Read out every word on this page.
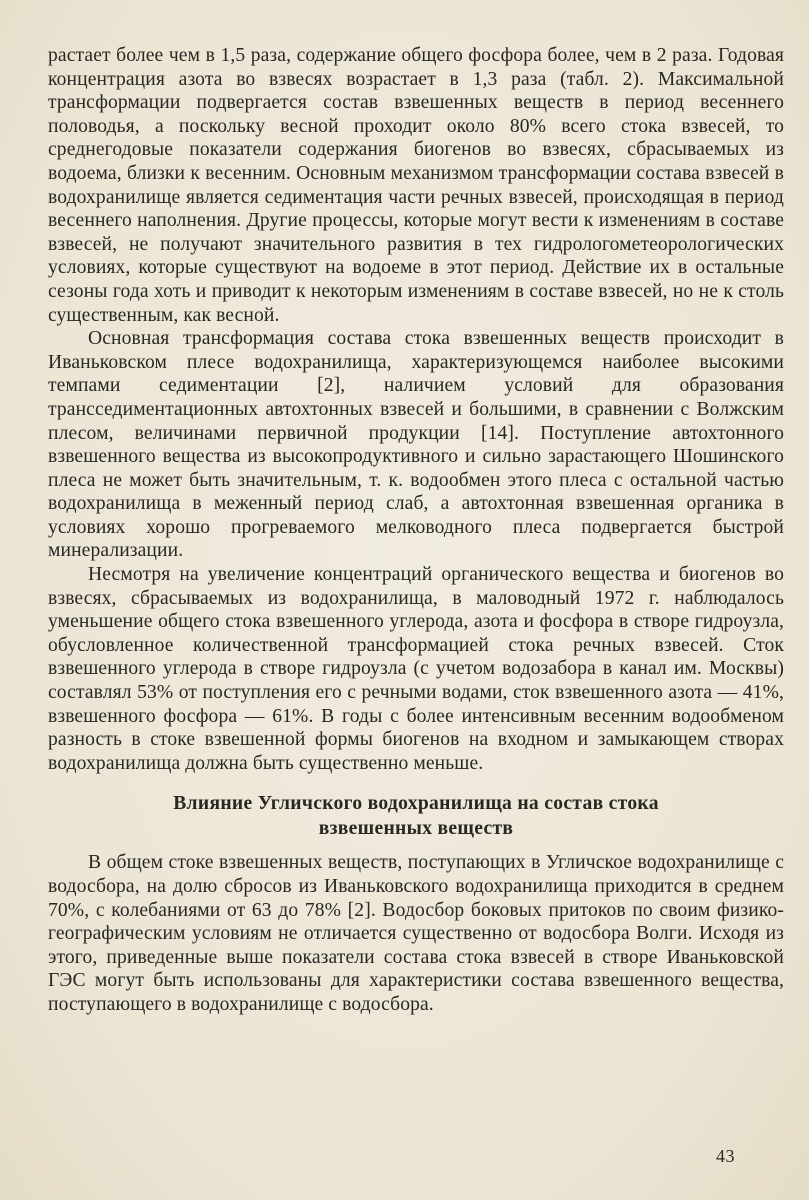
растает более чем в 1,5 раза, содержание общего фосфора более, чем в 2 раза. Годовая концентрация азота во взвесях возрастает в 1,3 раза (табл. 2). Максимальной трансформации подвергается состав взвешенных веществ в период весеннего половодья, а поскольку весной проходит около 80% всего стока взвесей, то среднегодовые показатели содержания биогенов во взвесях, сбрасываемых из водоема, близки к весенним. Основным механизмом трансформации состава взвесей в водохранилище является седиментация части речных взвесей, происходящая в период весеннего наполнения. Другие процессы, которые могут вести к изменениям в составе взвесей, не получают значительного развития в тех гидрологометеорологических условиях, которые существуют на водоеме в этот период. Действие их в остальные сезоны года хоть и приводит к некоторым изменениям в составе взвесей, но не к столь существенным, как весной.

Основная трансформация состава стока взвешенных веществ происходит в Иваньковском плесе водохранилища, характеризующемся наиболее высокими темпами седиментации [2], наличием условий для образования трансседиментационных автохтонных взвесей и большими, в сравнении с Волжским плесом, величинами первичной продукции [14]. Поступление автохтонного взвешенного вещества из высокопродуктивного и сильно зарастающего Шошинского плеса не может быть значительным, т. к. водообмен этого плеса с остальной частью водохранилища в меженный период слаб, а автохтонная взвешенная органика в условиях хорошо прогреваемого мелководного плеса подвергается быстрой минерализации.

Несмотря на увеличение концентраций органического вещества и биогенов во взвесях, сбрасываемых из водохранилища, в маловодный 1972 г. наблюдалось уменьшение общего стока взвешенного углерода, азота и фосфора в створе гидроузла, обусловленное количественной трансформацией стока речных взвесей. Сток взвешенного углерода в створе гидроузла (с учетом водозабора в канал им. Москвы) составлял 53% от поступления его с речными водами, сток взвешенного азота — 41%, взвешенного фосфора — 61%. В годы с более интенсивным весенним водообменом разность в стоке взвешенной формы биогенов на входном и замыкающем створах водохранилища должна быть существенно меньше.

Влияние Угличского водохранилища на состав стока
взвешенных веществ

В общем стоке взвешенных веществ, поступающих в Угличское водохранилище с водосбора, на долю сбросов из Иваньковского водохранилища приходится в среднем 70%, с колебаниями от 63 до 78% [2]. Водосбор боковых притоков по своим физико-географическим условиям не отличается существенно от водосбора Волги. Исходя из этого, приведенные выше показатели состава стока взвесей в створе Иваньковской ГЭС могут быть использованы для характеристики состава взвешенного вещества, поступающего в водохранилище с водосбора.

43
